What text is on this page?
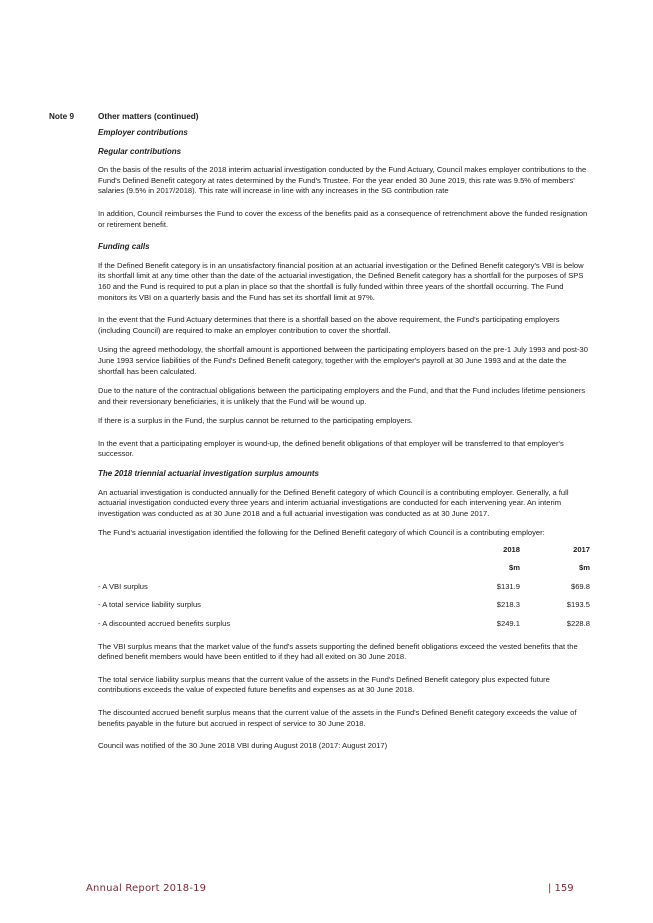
Note 9	Other matters (continued)

Employer contributions

Regular contributions

On the basis of the results of the 2018 interim actuarial investigation conducted by the Fund Actuary, Council makes employer contributions to the Fund's Defined Benefit category at rates determined by the Fund's Trustee. For the year ended 30 June 2019, this rate was 9.5% of members' salaries (9.5% in 2017/2018). This rate will increase in line with any increases in the SG contribution rate

In addition, Council reimburses the Fund to cover the excess of the benefits paid as a consequence of retrenchment above the funded resignation or retirement benefit.

Funding calls

If the Defined Benefit category is in an unsatisfactory financial position at an actuarial investigation or the Defined Benefit category's VBI is below its shortfall limit at any time other than the date of the actuarial investigation, the Defined Benefit category has a shortfall for the purposes of SPS 160 and the Fund is required to put a plan in place so that the shortfall is fully funded within three years of the shortfall occurring. The Fund monitors its VBI on a quarterly basis and the Fund has set its shortfall limit at 97%.

In the event that the Fund Actuary determines that there is a shortfall based on the above requirement, the Fund's participating employers (including Council) are required to make an employer contribution to cover the shortfall.

Using the agreed methodology, the shortfall amount is apportioned between the participating employers based on the pre-1 July 1993 and post-30 June 1993 service liabilities of the Fund's Defined Benefit category, together with the employer's payroll at 30 June 1993 and at the date the shortfall has been calculated.

Due to the nature of the contractual obligations between the participating employers and the Fund, and that the Fund includes lifetime pensioners and their reversionary beneficiaries, it is unlikely that the Fund will be wound up.

If there is a surplus in the Fund, the surplus cannot be returned to the participating employers.

In the event that a participating employer is wound-up, the defined benefit obligations of that employer will be transferred to that employer's successor.

The 2018 triennial actuarial investigation surplus amounts

An actuarial investigation is conducted annually for the Defined Benefit category of which Council is a contributing employer. Generally, a full actuarial investigation conducted every three years and interim actuarial investigations are conducted for each intervening year. An interim investigation was conducted as at 30 June 2018 and a full actuarial investigation was conducted as at 30 June 2017.

The Fund's actuarial investigation identified the following for the Defined Benefit category of which Council is a contributing employer:

	2018	2017
	$m	$m
- A VBI surplus	$131.9	$69.8
- A total service liability surplus	$218.3	$193.5
- A discounted accrued benefits surplus	$249.1	$228.8

The VBI surplus means that the market value of the fund's assets supporting the defined benefit obligations exceed the vested benefits that the defined benefit members would have been entitled to if they had all exited on 30 June 2018.

The total service liability surplus means that the current value of the assets in the Fund's Defined Benefit category plus expected future contributions exceeds the value of expected future benefits and expenses as at 30 June 2018.

The discounted accrued benefit surplus means that the current value of the assets in the Fund's Defined Benefit category exceeds the value of benefits payable in the future but accrued in respect of service to 30 June 2018.

Council was notified of the 30 June 2018 VBI during August 2018 (2017: August 2017)

Annual Report 2018-19	| 159
